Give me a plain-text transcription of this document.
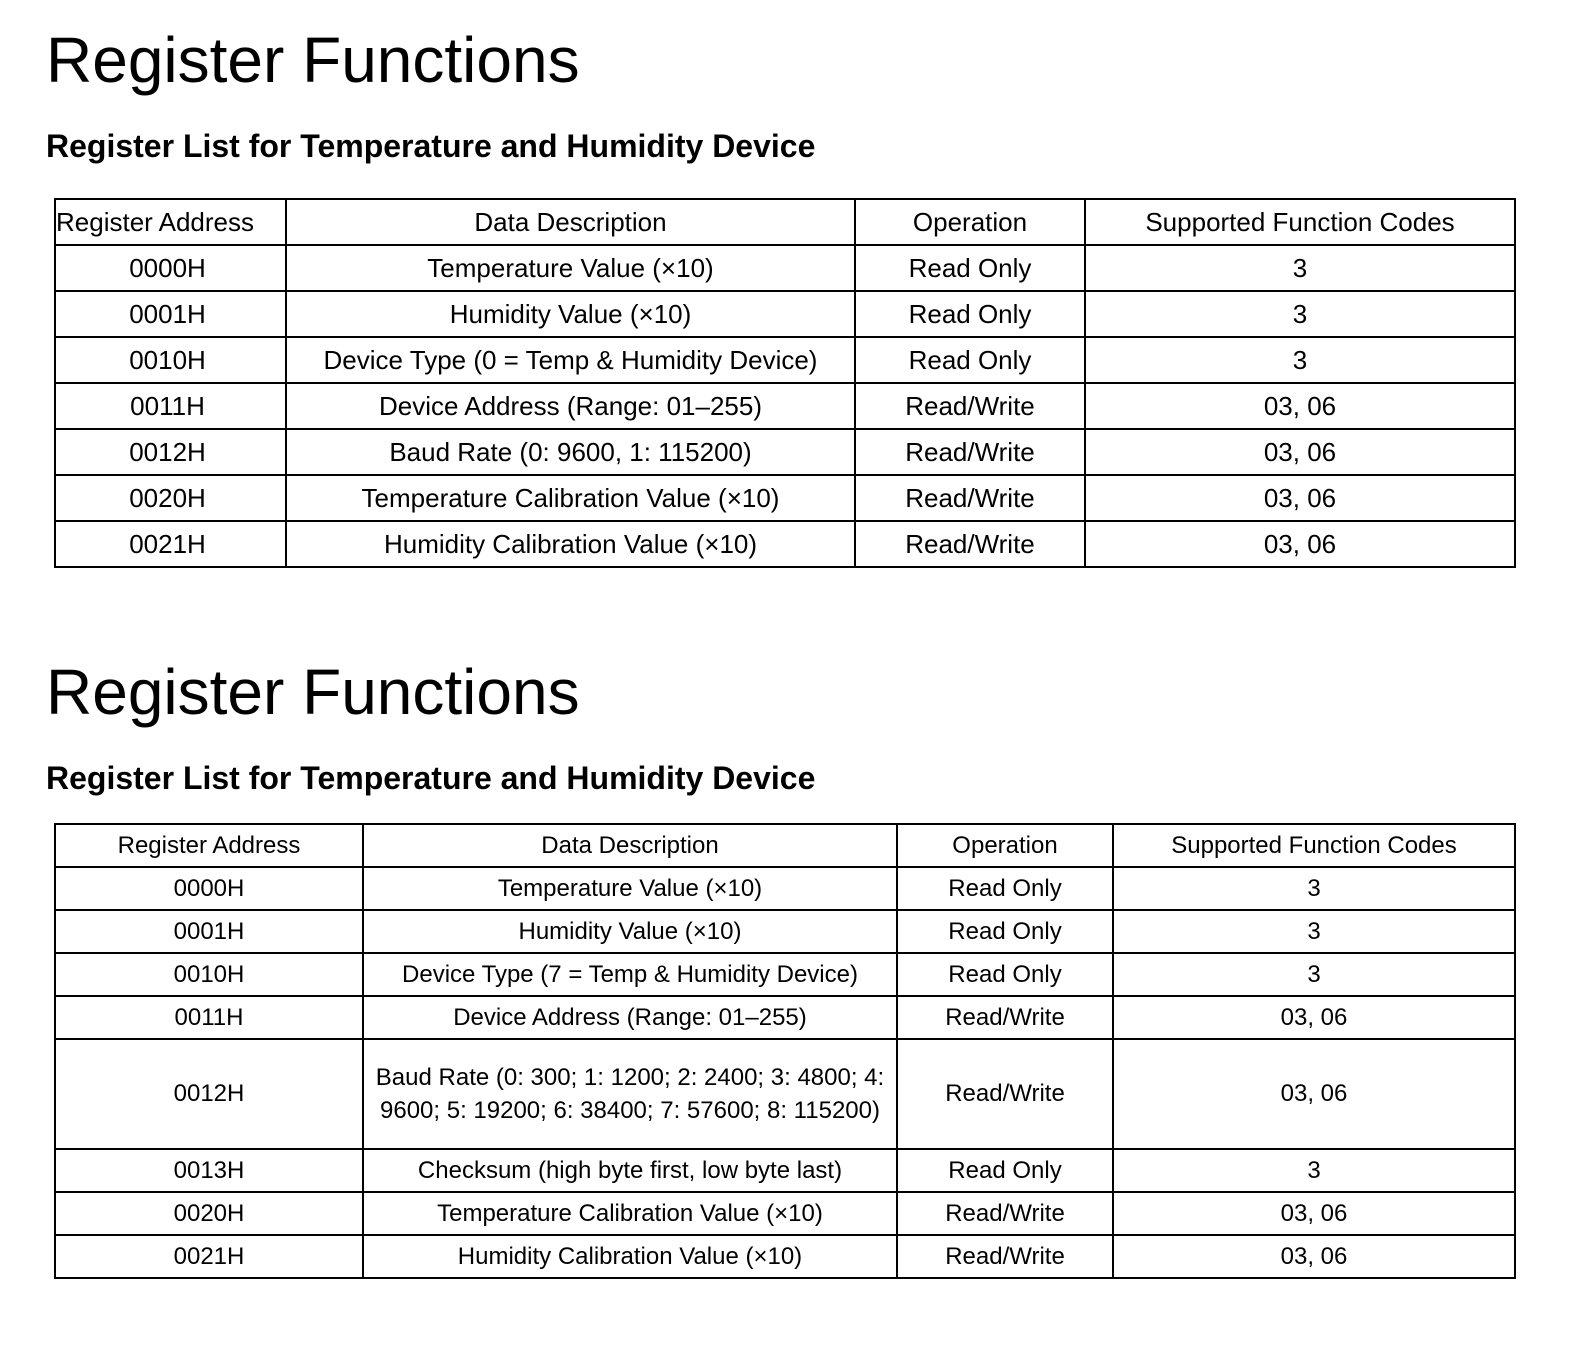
Register Functions
Register List for Temperature and Humidity Device
Register Address	Data Description	Operation	Supported Function Codes
0000H	Temperature Value (×10)	Read Only	3
0001H	Humidity Value (×10)	Read Only	3
0010H	Device Type (0 = Temp & Humidity Device)	Read Only	3
0011H	Device Address (Range: 01–255)	Read/Write	03, 06
0012H	Baud Rate (0: 9600, 1: 115200)	Read/Write	03, 06
0020H	Temperature Calibration Value (×10)	Read/Write	03, 06
0021H	Humidity Calibration Value (×10)	Read/Write	03, 06
Register Functions
Register List for Temperature and Humidity Device
Register Address	Data Description	Operation	Supported Function Codes
0000H	Temperature Value (×10)	Read Only	3
0001H	Humidity Value (×10)	Read Only	3
0010H	Device Type (7 = Temp & Humidity Device)	Read Only	3
0011H	Device Address (Range: 01–255)	Read/Write	03, 06
0012H	Baud Rate (0: 300; 1: 1200; 2: 2400; 3: 4800; 4: 9600; 5: 19200; 6: 38400; 7: 57600; 8: 115200)	Read/Write	03, 06
0013H	Checksum (high byte first, low byte last)	Read Only	3
0020H	Temperature Calibration Value (×10)	Read/Write	03, 06
0021H	Humidity Calibration Value (×10)	Read/Write	03, 06
